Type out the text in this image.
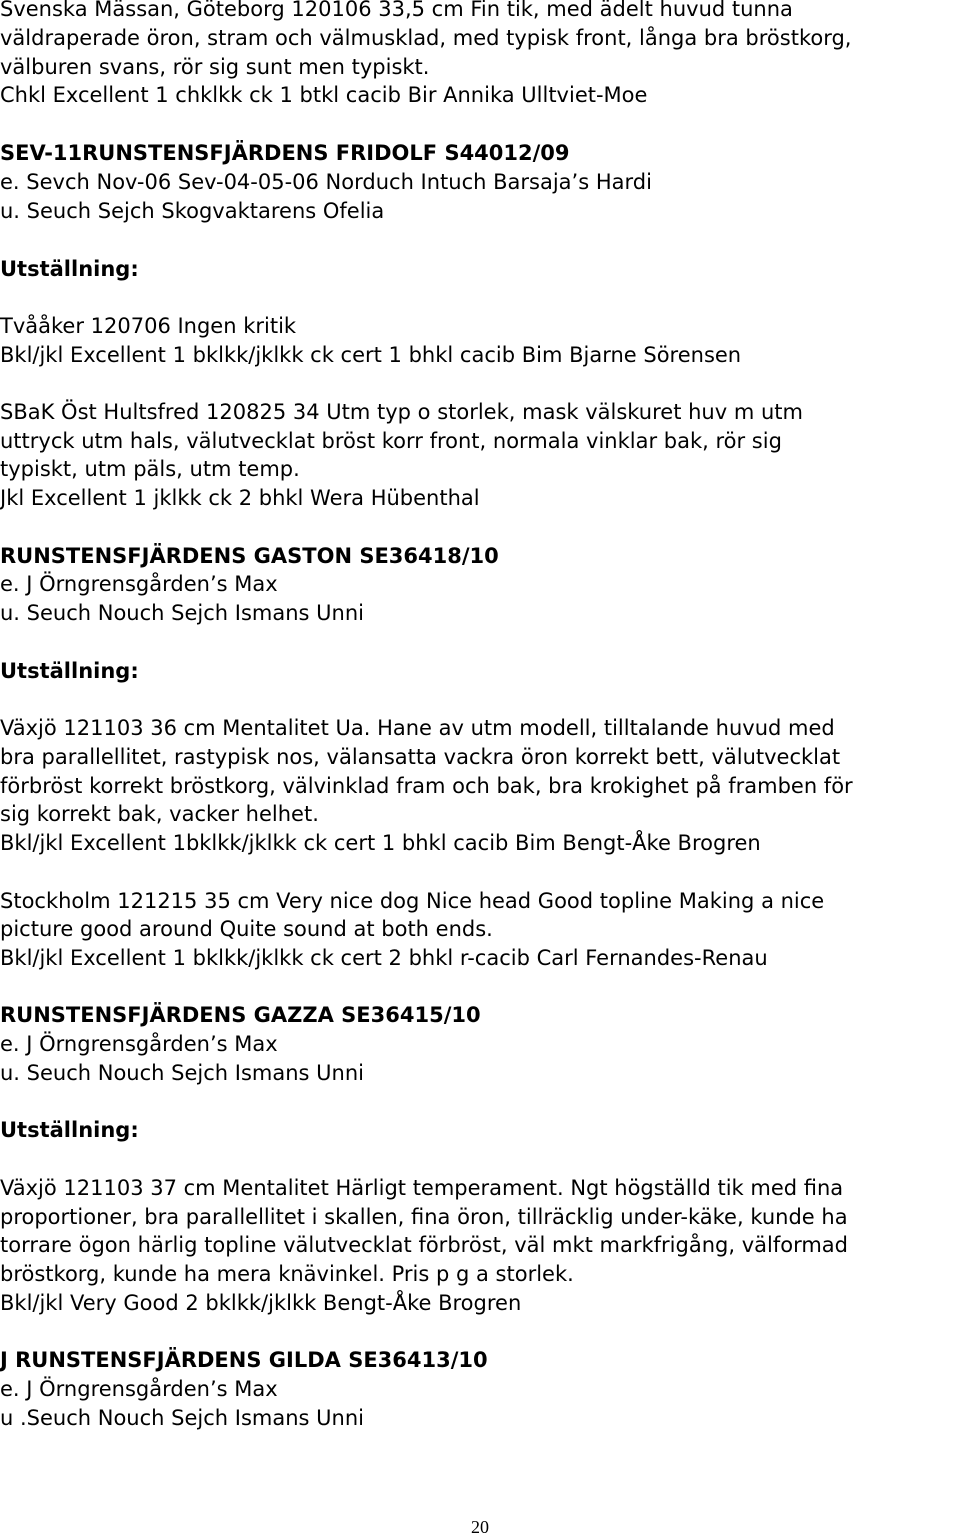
Svenska Mässan, Göteborg 120106 33,5 cm Fin tik, med ädelt huvud tunna
väldraperade öron, stram och välmusklad, med typisk front, långa bra bröstkorg,
välburen svans, rör sig sunt men typiskt.
Chkl Excellent 1 chklkk ck 1 btkl cacib Bir Annika Ulltviet-Moe
SEV-11RUNSTENSFJÄRDENS FRIDOLF S44012/09
e. Sevch Nov-06 Sev-04-05-06 Norduch Intuch Barsaja’s Hardi
u. Seuch Sejch Skogvaktarens Ofelia
Utställning:
Tvååker 120706 Ingen kritik
Bkl/jkl Excellent 1 bklkk/jklkk ck cert 1 bhkl cacib Bim Bjarne Sörensen
SBaK Öst Hultsfred 120825 34 Utm typ o storlek, mask välskuret huv m utm
uttryck utm hals, välutvecklat bröst korr front, normala vinklar bak, rör sig
typiskt, utm päls, utm temp.
Jkl Excellent 1 jklkk ck 2 bhkl Wera Hübenthal
RUNSTENSFJÄRDENS GASTON SE36418/10
e. J Örngrensgården’s Max
u. Seuch Nouch Sejch Ismans Unni
Utställning:
Växjö 121103 36 cm Mentalitet Ua. Hane av utm modell, tilltalande huvud med
bra parallellitet, rastypisk nos, välansatta vackra öron korrekt bett, välutvecklat
förbröst korrekt bröstkorg, välvinklad fram och bak, bra krokighet på framben för
sig korrekt bak, vacker helhet.
Bkl/jkl Excellent 1bklkk/jklkk ck cert 1 bhkl cacib Bim Bengt-Åke Brogren
Stockholm 121215 35 cm Very nice dog Nice head Good topline Making a nice
picture good around Quite sound at both ends.
Bkl/jkl Excellent 1 bklkk/jklkk ck cert 2 bhkl r-cacib Carl Fernandes-Renau
RUNSTENSFJÄRDENS GAZZA SE36415/10
e. J Örngrensgården’s Max
u. Seuch Nouch Sejch Ismans Unni
Utställning:
Växjö 121103 37 cm Mentalitet Härligt temperament. Ngt högställd tik med fina
proportioner, bra parallellitet i skallen, fina öron, tillräcklig under-käke, kunde ha
torrare ögon härlig topline välutvecklat förbröst, väl mkt markfrigång, välformad
bröstkorg, kunde ha mera knävinkel. Pris p g a storlek.
Bkl/jkl Very Good 2 bklkk/jklkk Bengt-Åke Brogren
J RUNSTENSFJÄRDENS GILDA SE36413/10
e. J Örngrensgården’s Max
u .Seuch Nouch Sejch Ismans Unni
20
